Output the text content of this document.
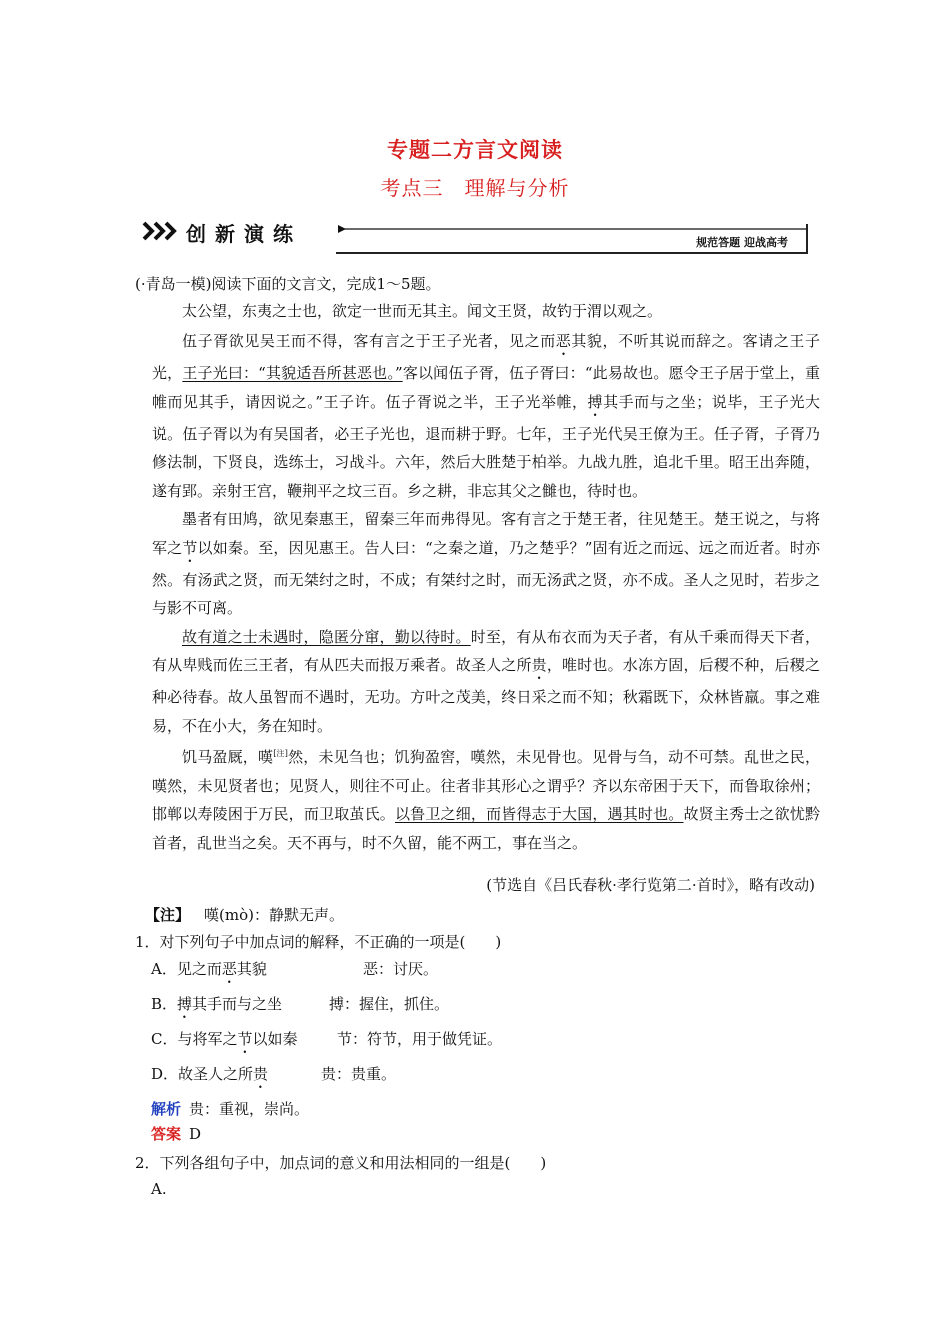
专题二方言文阅读
考点三　理解与分析
创新演练	规范答题 迎战高考
(·青岛一模)阅读下面的文言文，完成1～5题。

太公望，东夷之士也，欲定一世而无其主。闻文王贤，故钓于渭以观之。

伍子胥欲见吴王而不得，客有言之于王子光者，见之而恶其貌，不听其说而辞之。客请之王子光，王子光曰：“其貌适吾所甚恶也。”客以闻伍子胥，伍子胥曰：“此易故也。愿令王子居于堂上，重帷而见其手，请因说之。”王子许。伍子胥说之半，王子光举帷，搏其手而与之坐；说毕，王子光大说。伍子胥以为有吴国者，必王子光也，退而耕于野。七年，王子光代吴王僚为王。任子胥，子胥乃修法制，下贤良，选练士，习战斗。六年，然后大胜楚于柏举。九战九胜，追北千里。昭王出奔随，遂有郢。亲射王宫，鞭荆平之坟三百。乡之耕，非忘其父之雠也，待时也。

墨者有田鸠，欲见秦惠王，留秦三年而弗得见。客有言之于楚王者，往见楚王。楚王说之，与将军之节以如秦。至，因见惠王。告人曰：“之秦之道，乃之楚乎？”固有近之而远、远之而近者。时亦然。有汤武之贤，而无桀纣之时，不成；有桀纣之时，而无汤武之贤，亦不成。圣人之见时，若步之与影不可离。

故有道之士未遇时，隐匿分窜，勤以待时。时至，有从布衣而为天子者，有从千乘而得天下者，有从卑贱而佐三王者，有从匹夫而报万乘者。故圣人之所贵，唯时也。水冻方固，后稷不种，后稷之种必待春。故人虽智而不遇时，无功。方叶之茂美，终日采之而不知；秋霜既下，众林皆羸。事之难易，不在小大，务在知时。

饥马盈厩，嘆[注]然，未见刍也；饥狗盈窖，嘆然，未见骨也。见骨与刍，动不可禁。乱世之民，嘆然，未见贤者也；见贤人，则往不可止。往者非其形心之谓乎？齐以东帝困于天下，而鲁取徐州；邯郸以寿陵困于万民，而卫取茧氏。以鲁卫之细，而皆得志于大国，遇其时也。故贤主秀士之欲忧黔首者，乱世当之矣。天不再与，时不久留，能不两工，事在当之。

(节选自《吕氏春秋·孝行览第二·首时》，略有改动)
【注】 嘆(mò)：静默无声。
1．对下列句子中加点词的解释，不正确的一项是(　　)
A．见之而恶其貌	恶：讨厌。
B．搏其手而与之坐	搏：握住，抓住。
C．与将军之节以如秦	节：符节，用于做凭证。
D．故圣人之所贵	贵：贵重。
解析 贵：重视，崇尚。
答案 D
2．下列各组句子中，加点词的意义和用法相同的一组是(　　)
A.
